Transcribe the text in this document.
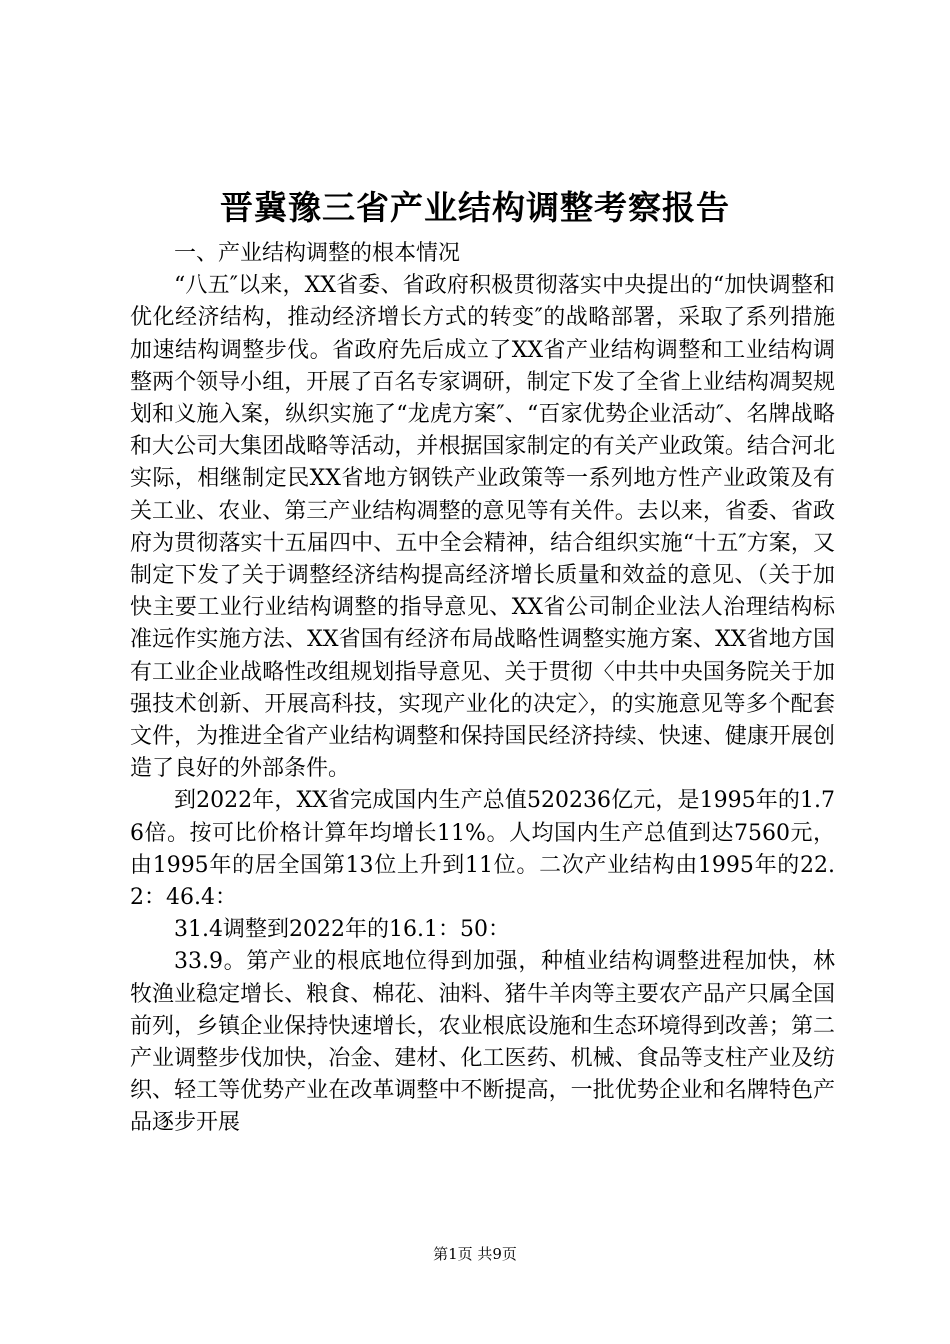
晋冀豫三省产业结构调整考察报告

一、产业结构调整的根本情况

“八五″以来，XX省委、省政府积极贯彻落实中央提出的“加快调整和优化经济结构，推动经济增长方式的转变″的战略部署，采取了系列措施加速结构调整步伐。省政府先后成立了XX省产业结构调整和工业结构调整两个领导小组，开展了百名专家调研，制定下发了全省上业结构凋契规划和义施入案，纵织实施了“龙虎方案″、“百家优势企业活动″、名牌战略和大公司大集团战略等活动，并根据国家制定的有关产业政策。结合河北实际，相继制定民XX省地方钢铁产业政策等一系列地方性产业政策及有关工业、农业、第三产业结构凋整的意见等有关件。去以来，省委、省政府为贯彻落实十五届四中、五中全会精神，结合组织实施“十五″方案，又制定下发了关于调整经济结构提高经济增长质量和效益的意见、（关于加快主要工业行业结构调整的指导意见、XX省公司制企业法人治理结构标准远作实施方法、XX省国有经济布局战略性调整实施方案、XX省地方国有工业企业战略性改组规划指导意见、关于贯彻〈中共中央国务院关于加强技术创新、开展高科技，实现产业化的决定〉，的实施意见等多个配套文件，为推进全省产业结构调整和保持国民经济持续、快速、健康开展创造了良好的外部条件。

到2022年，XX省完成国内生产总值520236亿元，是1995年的1.76倍。按可比价格计算年均增长11%。人均国内生产总值到达7560元，由1995年的居全国第13位上升到11位。二次产业结构由1995年的22.2：46.4：

31.4调整到2022年的16.1：50：

33.9。第产业的根底地位得到加强，种植业结构调整进程加快，林牧渔业稳定增长、粮食、棉花、油料、猪牛羊肉等主要农产品产只属全国前列，乡镇企业保持快速增长，农业根底设施和生态环境得到改善；第二产业调整步伐加快，冶金、建材、化工医药、机械、食品等支柱产业及纺织、轻工等优势产业在改革调整中不断提高，一批优势企业和名牌特色产品逐步开展

第1页 共9页
